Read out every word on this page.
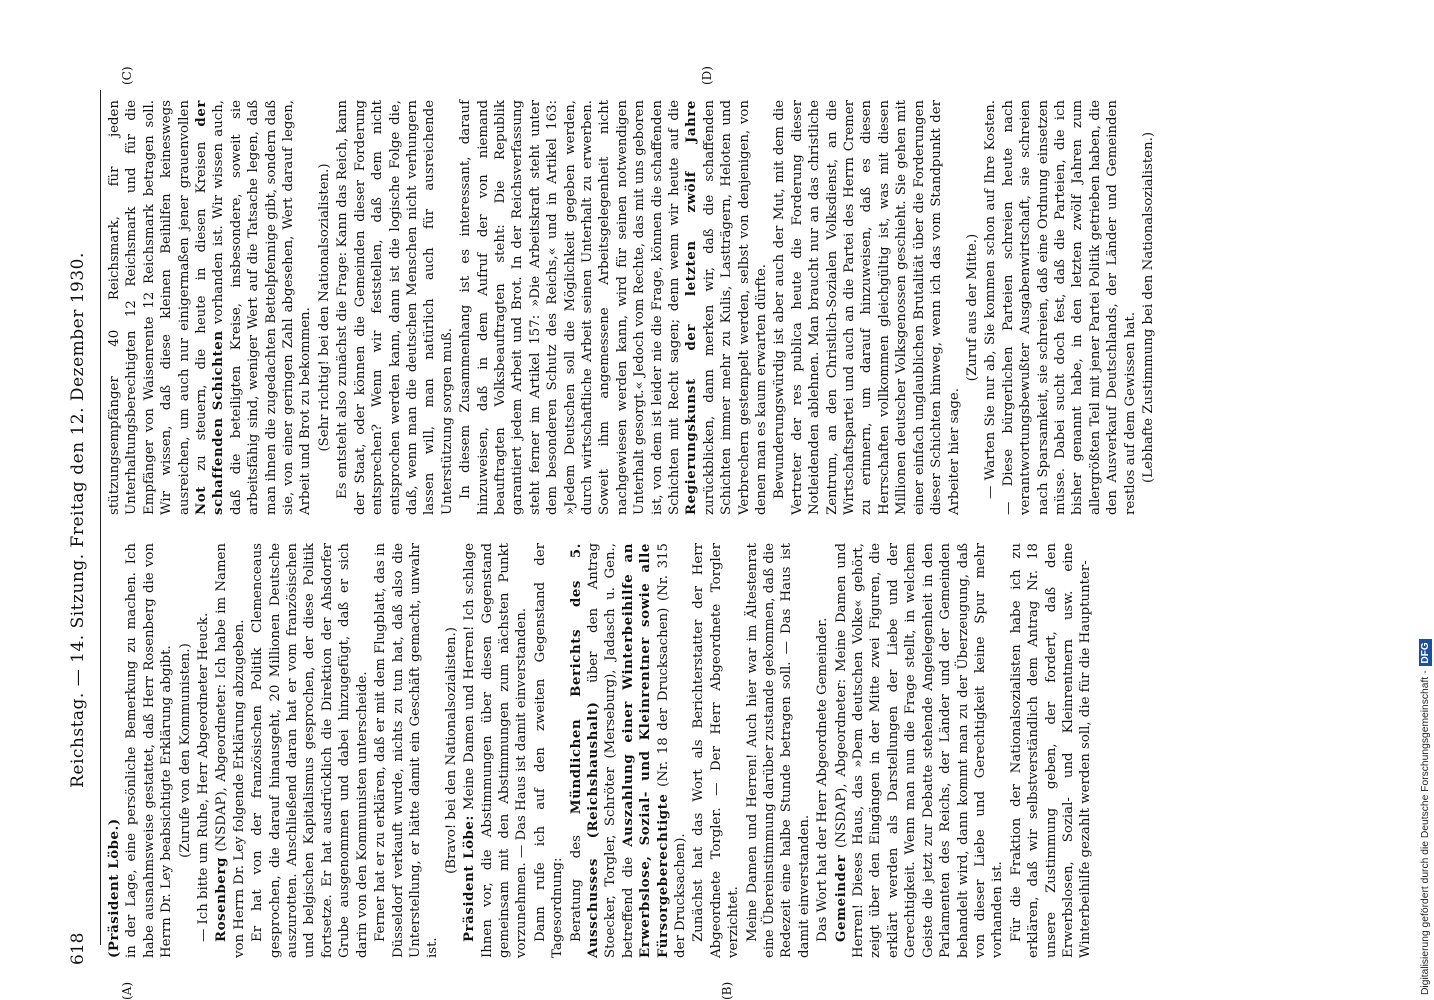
618
Reichstag. — 14. Sitzung. Freitag den 12. Dezember 1930.
(A)	(B)
(C)	(D)

(Präsident Löbe.) in der Lage, eine persönliche Bemerkung zu machen. Ich habe ausnahmsweise gestattet, daß Herr Rosenberg die von Herrn Dr. Ley beabsichtigte Erklärung abgibt. (Zurufe von den Kommunisten.) — Ich bitte um Ruhe, Herr Abgeordneter Heuck. Rosenberg (NSDAP), Abgeordneter: Ich habe im Namen von Herrn Dr. Ley folgende Erklärung abzugeben. Er hat von der französischen Politik Clemenceaus gesprochen, die darauf hinausgeht, 20 Millionen Deutsche auszurotten. Anschließend daran hat er vom französischen und belgischen Kapitalismus gesprochen, der diese Politik fortsetze. Er hat ausdrücklich die Direktion der Ahsdorfer Grube ausgenommen und dabei hinzugefügt, daß er sich darin von den Kommunisten unterscheide. Ferner hat er zu erklären, daß er mit dem Flugblatt, das in Düsseldorf verkauft wurde, nichts zu tun hat, daß also die Unterstellung, er hätte damit ein Geschäft gemacht, unwahr ist.

(Bravo! bei den Nationalsozialisten.)

Präsident Löbe: Meine Damen und Herren! Ich schlage Ihnen vor, die Abstimmungen über diesen Gegenstand gemeinsam mit den Abstimmungen zum nächsten Punkt vorzunehmen. — Das Haus ist damit einverstanden. Dann rufe ich auf den zweiten Gegenstand der Tagesordnung: Beratung des Mündlichen Berichts des 5. Ausschusses (Reichshaushalt) über den Antrag Stoecker, Torgler, Schröter (Merseburg), Jadasch u. Gen., betreffend die Auszahlung einer Winterbeihilfe an Erwerbslose, Sozial- und Kleinrentner sowie alle Fürsorgeberechtigte (Nr. 18 der Drucksachen) (Nr. 315 der Drucksachen). Zunächst hat das Wort als Berichterstatter der Herr Abgeordnete Torgler. — Der Herr Abgeordnete Torgler verzichtet. Meine Damen und Herren! Auch hier war im Ältestenrat eine Übereinstimmung darüber zustande gekommen, daß die Redezeit eine halbe Stunde betragen soll. — Das Haus ist damit einverstanden. Das Wort hat der Herr Abgeordnete Gemeinder. Gemeinder (NSDAP), Abgeordneter: Meine Damen und Herren! Dieses Haus, das »Dem deutschen Volke« gehört, zeigt über den Eingängen in der Mitte zwei Figuren, die erklärt werden als Darstellungen der Liebe und der Gerechtigkeit. Wenn man nun die Frage stellt, in welchem Geiste die jetzt zur Debatte stehende Angelegenheit in den Parlamenten des Reichs, der Länder und der Gemeinden behandelt wird, dann kommt man zu der Überzeugung, daß von dieser Liebe und Gerechtigkeit keine Spur mehr vorhanden ist. Für die Fraktion der Nationalsozialisten habe ich zu erklären, daß wir selbstverständlich dem Antrag Nr. 18 unsere Zustimmung geben, der fordert, daß den Erwerbslosen, Sozial- und Kleinrentnern usw. eine Winterbeihilfe gezahlt werden soll, die für die Hauptunter-

stützungsempfänger 40 Reichsmark, für jeden Unterhaltungsberechtigten 12 Reichsmark und für die Empfänger von Waisenrente 12 Reichsmark betragen soll. Wir wissen, daß diese kleinen Beihilfen keineswegs ausreichen, um auch nur einigermaßen jener grauenvollen Not zu steuern, die heute in diesen Kreisen der schaffenden Schichten vorhanden ist. Wir wissen auch, daß die beteiligten Kreise, insbesondere, soweit sie arbeitsfähig sind, weniger Wert auf die Tatsache legen, daß man ihnen die zugedachten Bettelpfennige gibt, sondern daß sie, von einer geringen Zahl abgesehen, Wert darauf legen, Arbeit und Brot zu bekommen. (Sehr richtig! bei den Nationalsozialisten.) Es entsteht also zunächst die Frage: Kann das Reich, kann der Staat, oder können die Gemeinden dieser Forderung entsprechen? Wenn wir feststellen, daß dem nicht entsprochen werden kann, dann ist die logische Folge die, daß, wenn man die deutschen Menschen nicht verhungern lassen will, man natürlich auch für ausreichende Unterstützung sorgen muß. In diesem Zusammenhang ist es interessant, darauf hinzuweisen, daß in dem Aufruf der von niemand beauftragten Volksbeauftragten steht: Die Republik garantiert jedem Arbeit und Brot. In der Reichsverfassung steht ferner im Artikel 157: »Die Arbeitskraft steht unter dem besonderen Schutz des Reichs,« und in Artikel 163: »Jedem Deutschen soll die Möglichkeit gegeben werden, durch wirtschaftliche Arbeit seinen Unterhalt zu erwerben. Soweit ihm angemessene Arbeitsgelegenheit nicht nachgewiesen werden kann, wird für seinen notwendigen Unterhalt gesorgt.« Jedoch vom Rechte, das mit uns geboren ist, von dem ist leider nie die Frage, können die schaffenden Schichten mit Recht sagen; denn wenn wir heute auf die Regierungskunst der letzten zwölf Jahre zurückblicken, dann merken wir, daß die schaffenden Schichten immer mehr zu Kulis, Lastträgern, Heloten und Verbrechern gestempelt werden, selbst von denjenigen, von denen man es kaum erwarten dürfte. Bewunderungswürdig ist aber auch der Mut, mit dem die Vertreter der res publica heute die Forderung dieser Notleidenden ablehnen. Man braucht nur an das christliche Zentrum, an den Christlich-Sozialen Volksdienst, an die Wirtschaftspartei und auch an die Partei des Herrn Cremer zu erinnern, um darauf hinzuweisen, daß es diesen Herrschaften vollkommen gleichgültig ist, was mit diesen Millionen deutscher Volksgenossen geschieht. Sie gehen mit einer einfach unglaublichen Brutalität über die Forderungen dieser Schichten hinweg, wenn ich das vom Standpunkt der Arbeiter hier sage.

(Zuruf aus der Mitte.) — Warten Sie nur ab, Sie kommen schon auf Ihre Kosten. — Diese bürgerlichen Parteien schreien heute nach verantwortungsbewußter Ausgabenwirtschaft, sie schreien nach Sparsamkeit, sie schreien, daß eine Ordnung einsetzen müsse. Dabei sucht doch fest, daß die Parteien, die ich bisher genannt habe, in den letzten zwölf Jahren zum allergrößten Teil mit jener Partei Politik getrieben haben, die den Ausverkauf Deutschlands, der Länder und Gemeinden restlos auf dem Gewissen hat. (Lebhafte Zustimmung bei den Nationalsozialisten.)

Digitalisierung gefördert durch die Deutsche Forschungsgemeinschaft -
DFG
